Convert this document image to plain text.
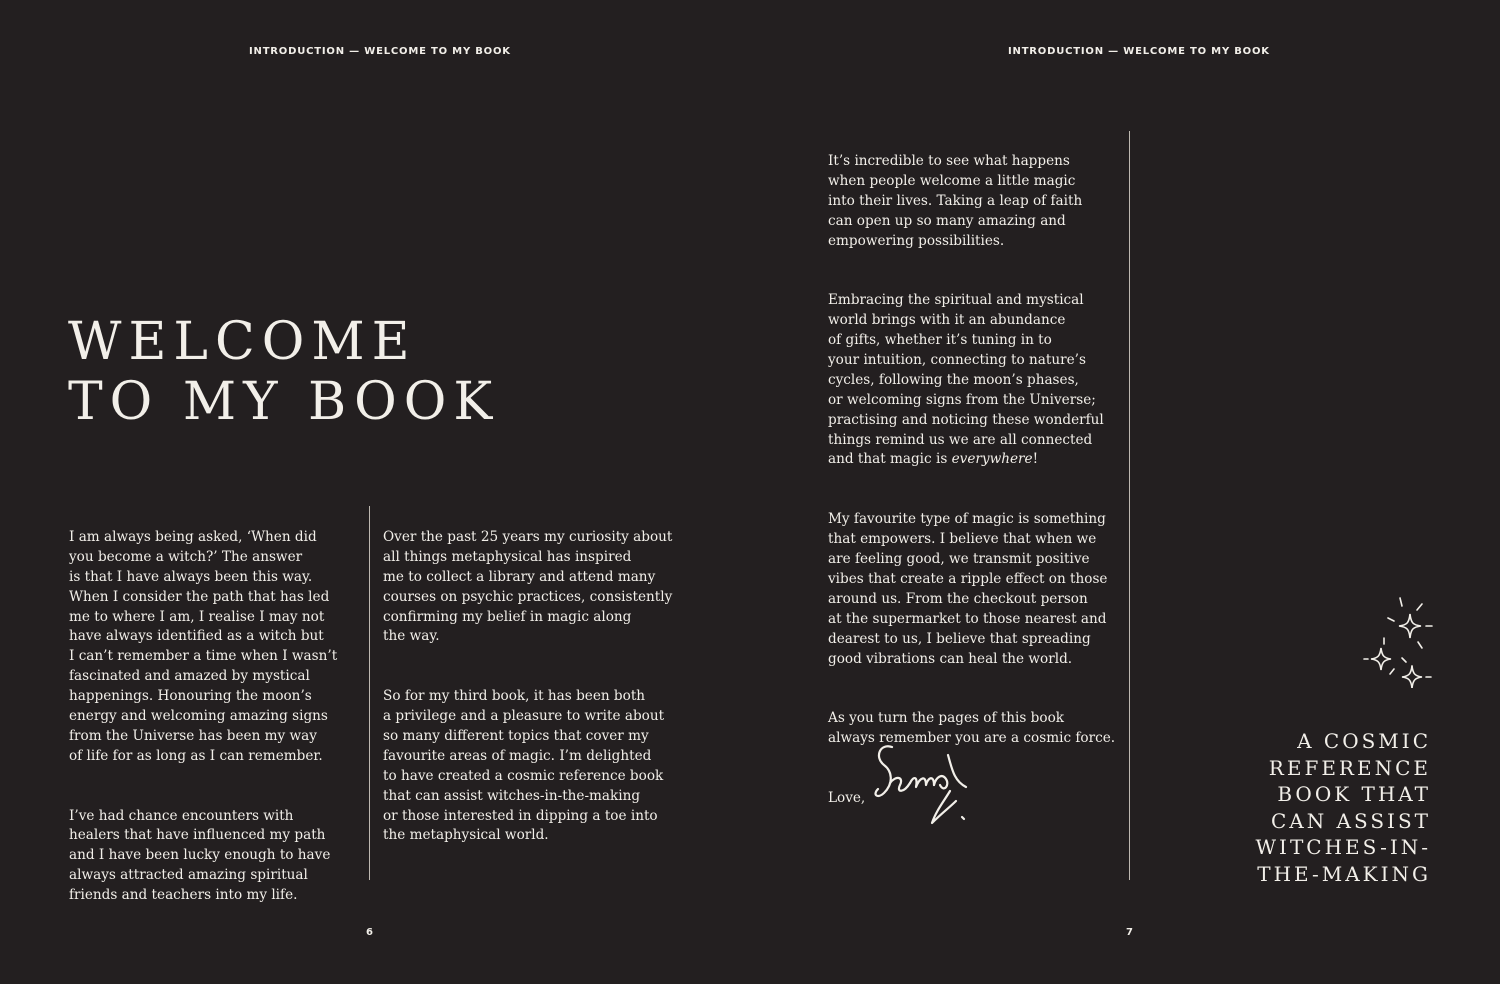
INTRODUCTION — WELCOME TO MY BOOK	INTRODUCTION — WELCOME TO MY BOOK
WELCOME
TO MY BOOK

I am always being asked, ‘When did
you become a witch?’ The answer
is that I have always been this way.
When I consider the path that has led
me to where I am, I realise I may not
have always identified as a witch but
I can’t remember a time when I wasn’t
fascinated and amazed by mystical
happenings. Honouring the moon’s
energy and welcoming amazing signs
from the Universe has been my way
of life for as long as I can remember.

I’ve had chance encounters with
healers that have influenced my path
and I have been lucky enough to have
always attracted amazing spiritual
friends and teachers into my life.

Over the past 25 years my curiosity about
all things metaphysical has inspired
me to collect a library and attend many
courses on psychic practices, consistently
confirming my belief in magic along
the way.

So for my third book, it has been both
a privilege and a pleasure to write about
so many different topics that cover my
favourite areas of magic. I’m delighted
to have created a cosmic reference book
that can assist witches-in-the-making
or those interested in dipping a toe into
the metaphysical world.

It’s incredible to see what happens
when people welcome a little magic
into their lives. Taking a leap of faith
can open up so many amazing and
empowering possibilities.

Embracing the spiritual and mystical
world brings with it an abundance
of gifts, whether it’s tuning in to
your intuition, connecting to nature’s
cycles, following the moon’s phases,
or welcoming signs from the Universe;
practising and noticing these wonderful
things remind us we are all connected
and that magic is everywhere!

My favourite type of magic is something
that empowers. I believe that when we
are feeling good, we transmit positive
vibes that create a ripple effect on those
around us. From the checkout person
at the supermarket to those nearest and
dearest to us, I believe that spreading
good vibrations can heal the world.

As you turn the pages of this book
always remember you are a cosmic force.

Love,

A COSMIC
REFERENCE
BOOK THAT
CAN ASSIST
WITCHES-IN-
THE-MAKING
6	7
